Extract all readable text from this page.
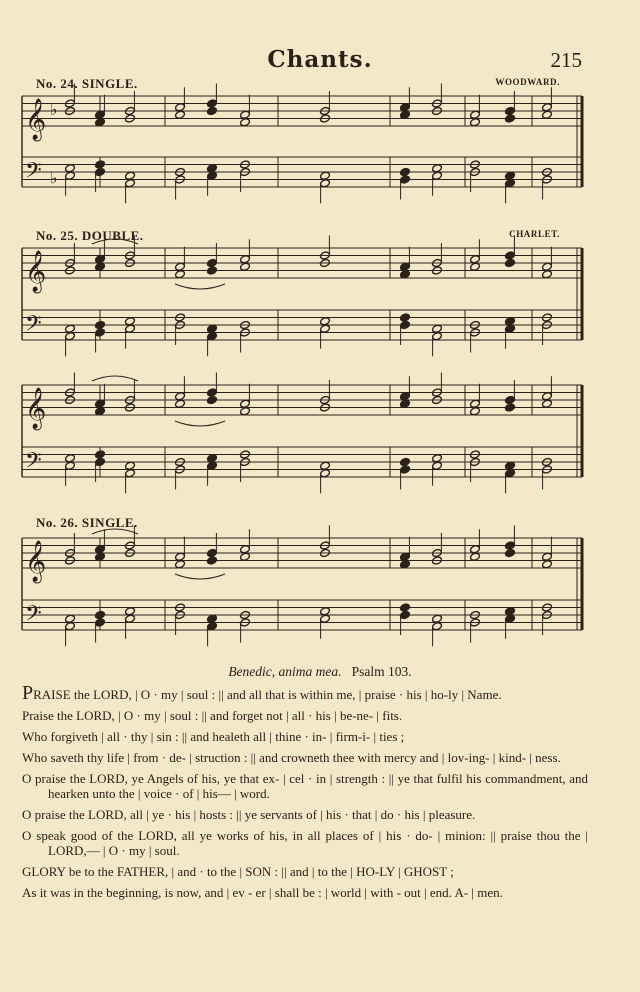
Chants.	215
No. 24. SINGLE.	WOODWARD.
No. 25. DOUBLE.	CHARLET.
No. 26. SINGLE.
𝄞 ♭
𝄢 ♭
𝄞
𝄢
𝄞
𝄢
𝄞
𝄢
Benedic, anima mea. Psalm 103.

PRAISE the LORD, | O · my | soul : || and all that is within me, | praise · his | ho-ly | Name.

Praise the LORD, | O · my | soul : || and forget not | all · his | be-ne- | fits.

Who forgiveth | all · thy | sin : || and healeth all | thine · in- | firm-i- | ties ;

Who saveth thy life | from · de- | struction : || and crowneth thee with mercy and | lov-ing- | kind- | ness.

O praise the LORD, ye Angels of his, ye that ex- | cel · in | strength : || ye that fulfil his commandment, and hearken unto the | voice · of | his— | word.

O praise the LORD, all | ye · his | hosts : || ye servants of | his · that | do · his | pleasure.

O speak good of the LORD, all ye works of his, in all places of | his · do- | minion: || praise thou the | LORD,— | O · my | soul.

GLORY be to the FATHER, | and · to the | SON : || and | to the | HO-LY | GHOST ;

As it was in the beginning, is now, and | ev - er | shall be : | world | with - out | end. A- | men.
